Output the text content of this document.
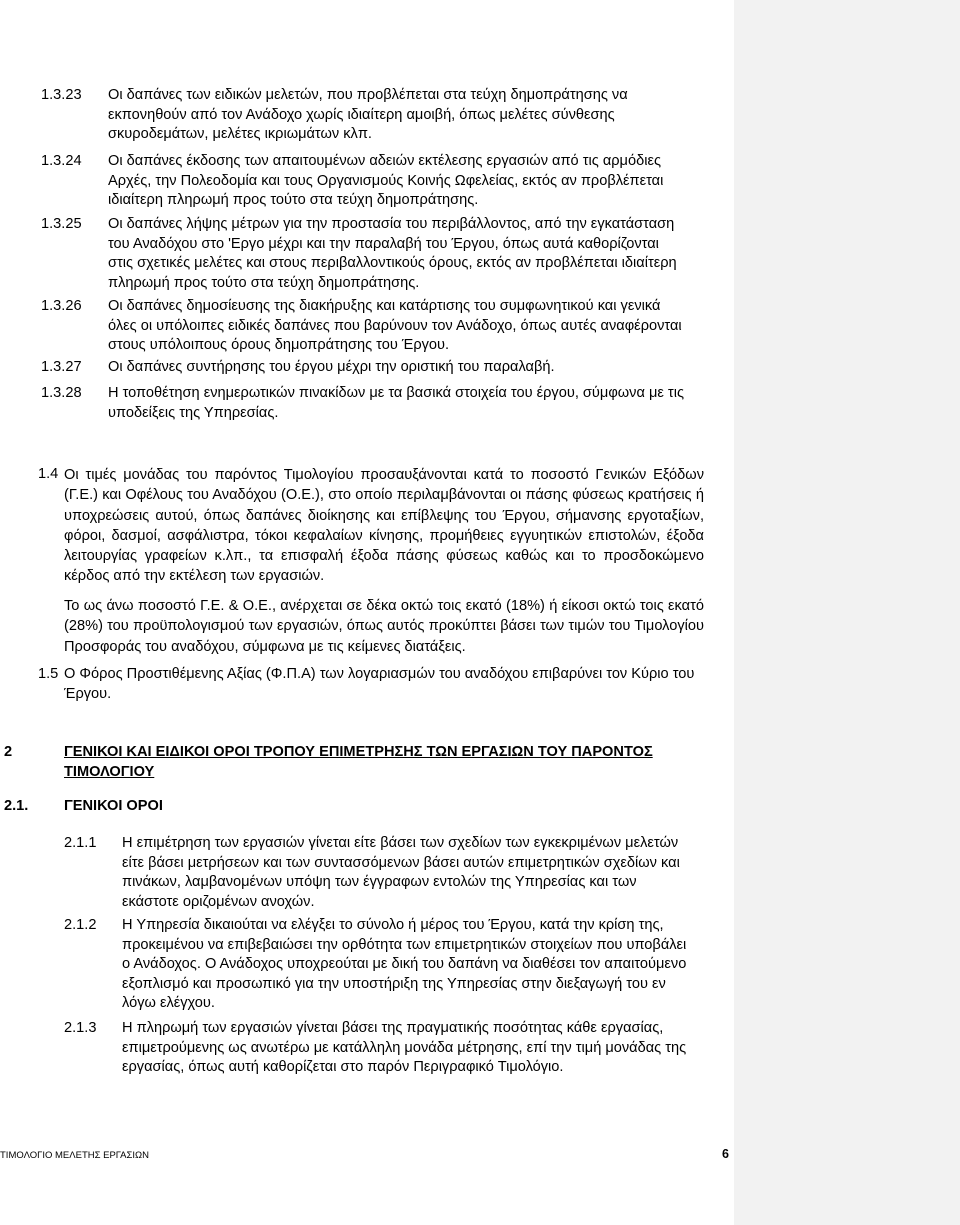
1.3.23 Οι δαπάνες των ειδικών μελετών, που προβλέπεται στα τεύχη δημοπράτησης να εκπονηθούν από τον Ανάδοχο χωρίς ιδιαίτερη αμοιβή, όπως μελέτες σύνθεσης σκυροδεμάτων, μελέτες ικριωμάτων κλπ.
1.3.24 Οι δαπάνες έκδοσης των απαιτουμένων αδειών εκτέλεσης εργασιών από τις αρμόδιες Αρχές, την Πολεοδομία και τους Οργανισμούς Κοινής Ωφελείας, εκτός αν προβλέπεται ιδιαίτερη πληρωμή προς τούτο στα τεύχη δημοπράτησης.
1.3.25 Οι δαπάνες λήψης μέτρων για την προστασία του περιβάλλοντος, από την εγκατάσταση του Αναδόχου στο 'Εργο μέχρι και την παραλαβή του Έργου, όπως αυτά καθορίζονται στις σχετικές μελέτες και στους περιβαλλοντικούς όρους, εκτός αν προβλέπεται ιδιαίτερη πληρωμή προς τούτο στα τεύχη δημοπράτησης.
1.3.26 Οι δαπάνες δημοσίευσης της διακήρυξης και κατάρτισης του συμφωνητικού και γενικά όλες οι υπόλοιπες ειδικές δαπάνες που βαρύνουν τον Ανάδοχο, όπως αυτές αναφέρονται στους υπόλοιπους όρους δημοπράτησης του Έργου.
1.3.27 Οι δαπάνες συντήρησης του έργου μέχρι την οριστική του παραλαβή.
1.3.28 Η τοποθέτηση ενημερωτικών πινακίδων με τα βασικά στοιχεία του έργου, σύμφωνα με τις υποδείξεις της Υπηρεσίας.
1.4 Οι τιμές μονάδας του παρόντος Τιμολογίου προσαυξάνονται κατά το ποσοστό Γενικών Εξόδων (Γ.Ε.) και Οφέλους του Αναδόχου (Ο.Ε.), στο οποίο περιλαμβάνονται οι πάσης φύσεως κρατήσεις ή υποχρεώσεις αυτού, όπως δαπάνες διοίκησης και επίβλεψης του Έργου, σήμανσης εργοταξίων, φόροι, δασμοί, ασφάλιστρα, τόκοι κεφαλαίων κίνησης, προμήθειες εγγυητικών επιστολών, έξοδα λειτουργίας γραφείων κ.λπ., τα επισφαλή έξοδα πάσης φύσεως καθώς και το προσδοκώμενο κέρδος από την εκτέλεση των εργασιών.
Το ως άνω ποσοστό Γ.Ε. & Ο.Ε., ανέρχεται σε δέκα οκτώ τοις εκατό (18%) ή είκοσι οκτώ τοις εκατό (28%) του προϋπολογισμού των εργασιών, όπως αυτός προκύπτει βάσει των τιμών του Τιμολογίου Προσφοράς του αναδόχου, σύμφωνα με τις κείμενες διατάξεις.
1.5 Ο Φόρος Προστιθέμενης Αξίας (Φ.Π.Α) των λογαριασμών του αναδόχου επιβαρύνει τον Κύριο του Έργου.
2	ΓΕΝΙΚΟΙ ΚΑΙ ΕΙΔΙΚΟΙ ΟΡΟΙ ΤΡΟΠΟΥ ΕΠΙΜΕΤΡΗΣΗΣ ΤΩΝ ΕΡΓΑΣΙΩΝ ΤΟΥ ΠΑΡΟΝΤΟΣ
ΤΙΜΟΛΟΓΙΟΥ
2.1. ΓΕΝΙΚΟΙ ΟΡΟΙ
2.1.1 Η επιμέτρηση των εργασιών γίνεται είτε βάσει των σχεδίων των εγκεκριμένων μελετών είτε βάσει μετρήσεων και των συντασσόμενων βάσει αυτών επιμετρητικών σχεδίων και πινάκων, λαμβανομένων υπόψη των έγγραφων εντολών της Υπηρεσίας και των εκάστοτε οριζομένων ανοχών.
2.1.2 Η Υπηρεσία δικαιούται να ελέγξει το σύνολο ή μέρος του Έργου, κατά την κρίση της, προκειμένου να επιβεβαιώσει την ορθότητα των επιμετρητικών στοιχείων που υποβάλει ο Ανάδοχος. Ο Ανάδοχος υποχρεούται με δική του δαπάνη να διαθέσει τον απαιτούμενο εξοπλισμό και προσωπικό για την υποστήριξη της Υπηρεσίας στην διεξαγωγή του εν λόγω ελέγχου.
2.1.3 Η πληρωμή των εργασιών γίνεται βάσει της πραγματικής ποσότητας κάθε εργασίας, επιμετρούμενης ως ανωτέρω με κατάλληλη μονάδα μέτρησης, επί την τιμή μονάδας της εργασίας, όπως αυτή καθορίζεται στο παρόν Περιγραφικό Τιμολόγιο.
ΤΙΜΟΛΟΓΙΟ ΜΕΛΕΤΗΣ ΕΡΓΑΣΙΩΝ	6
